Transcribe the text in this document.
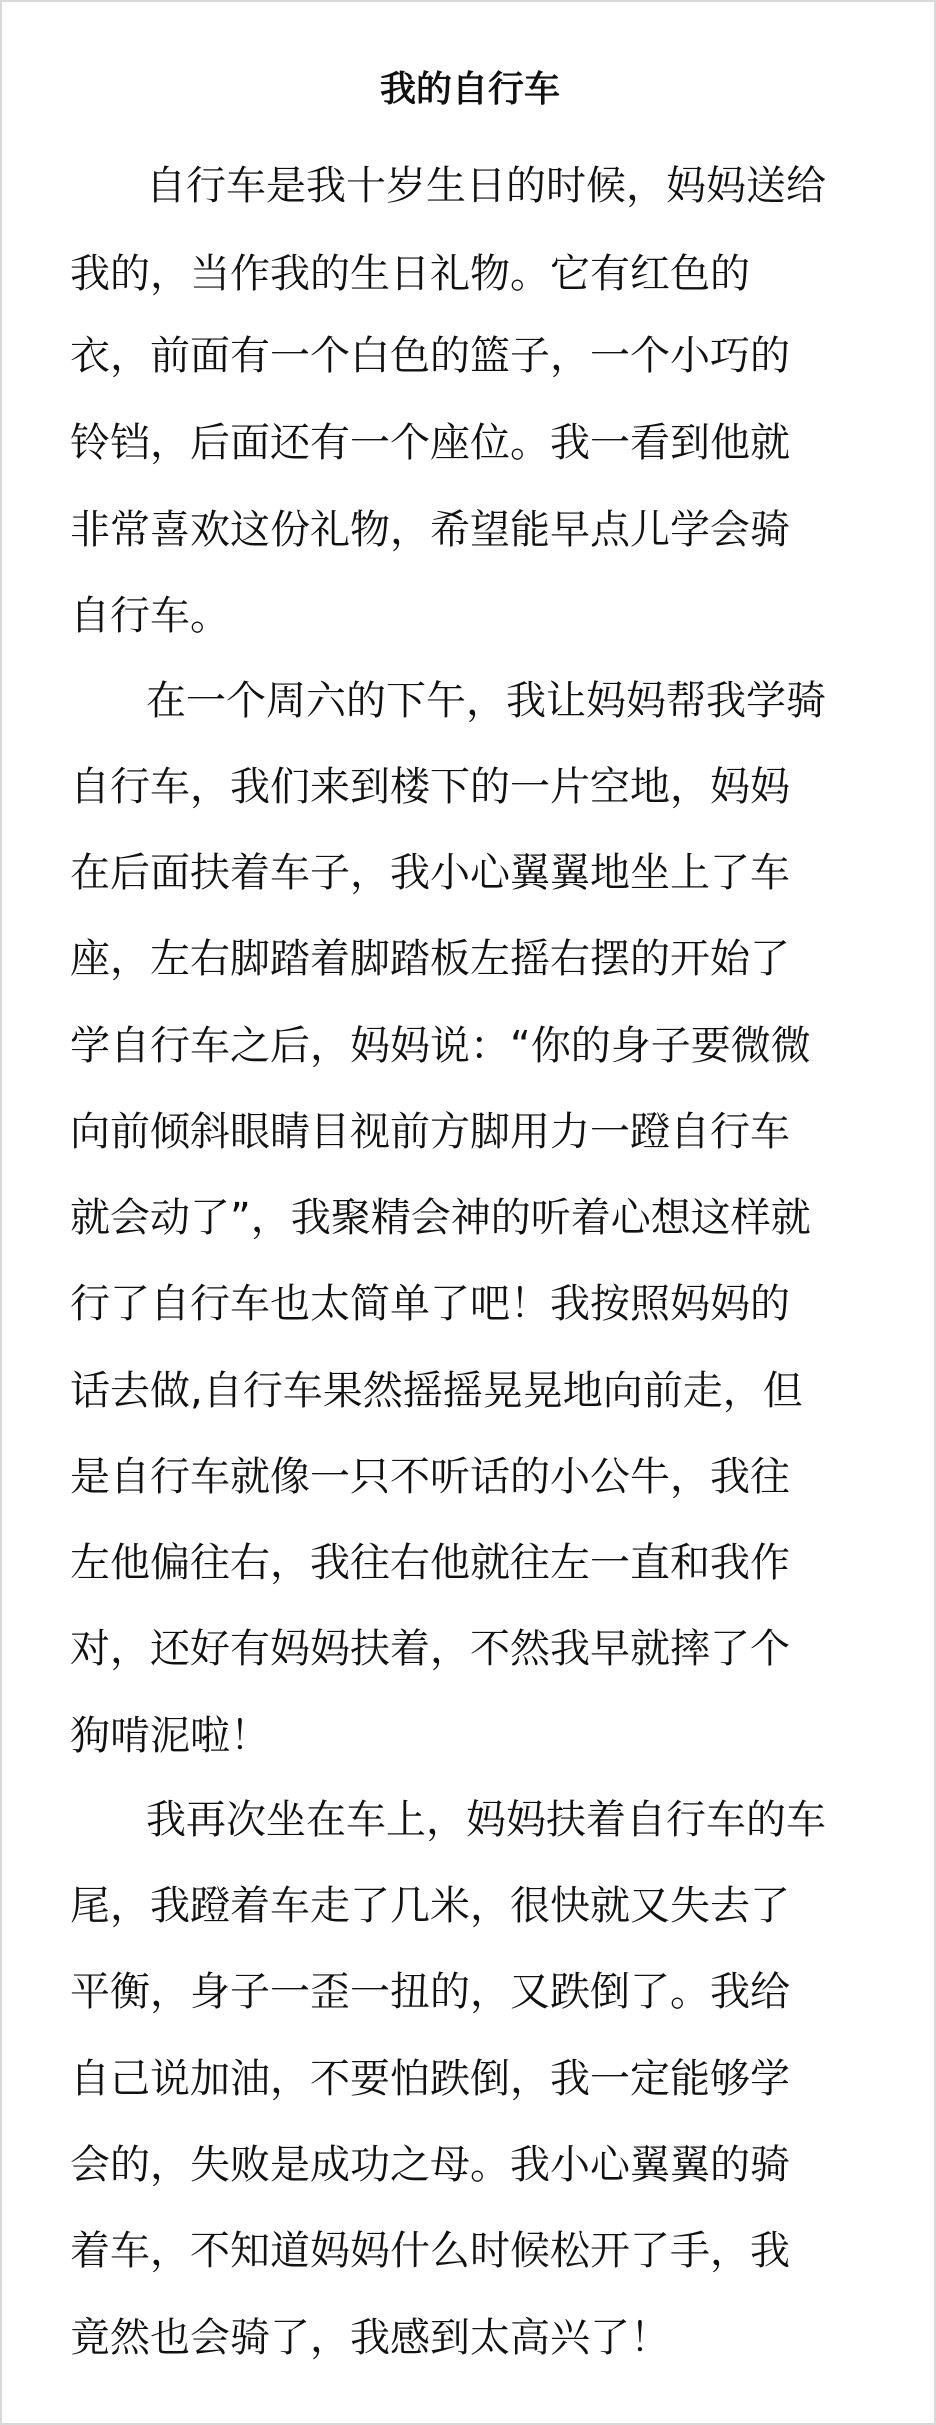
我的自行车

自行车是我十岁生日的时候，妈妈送给

我的，当作我的生日礼物。它有红色的

衣，前面有一个白色的篮子，一个小巧的

铃铛，后面还有一个座位。我一看到他就

非常喜欢这份礼物，希望能早点儿学会骑

自行车。

在一个周六的下午，我让妈妈帮我学骑

自行车，我们来到楼下的一片空地，妈妈

在后面扶着车子，我小心翼翼地坐上了车

座，左右脚踏着脚踏板左摇右摆的开始了

学自行车之后，妈妈说：“你的身子要微微

向前倾斜眼睛目视前方脚用力一蹬自行车

就会动了”，我聚精会神的听着心想这样就

行了自行车也太简单了吧！我按照妈妈的

话去做,自行车果然摇摇晃晃地向前走，但

是自行车就像一只不听话的小公牛，我往

左他偏往右，我往右他就往左一直和我作

对，还好有妈妈扶着，不然我早就摔了个

狗啃泥啦！

我再次坐在车上，妈妈扶着自行车的车

尾，我蹬着车走了几米，很快就又失去了

平衡，身子一歪一扭的，又跌倒了。我给

自己说加油，不要怕跌倒，我一定能够学

会的，失败是成功之母。我小心翼翼的骑

着车，不知道妈妈什么时候松开了手，我

竟然也会骑了，我感到太高兴了！
